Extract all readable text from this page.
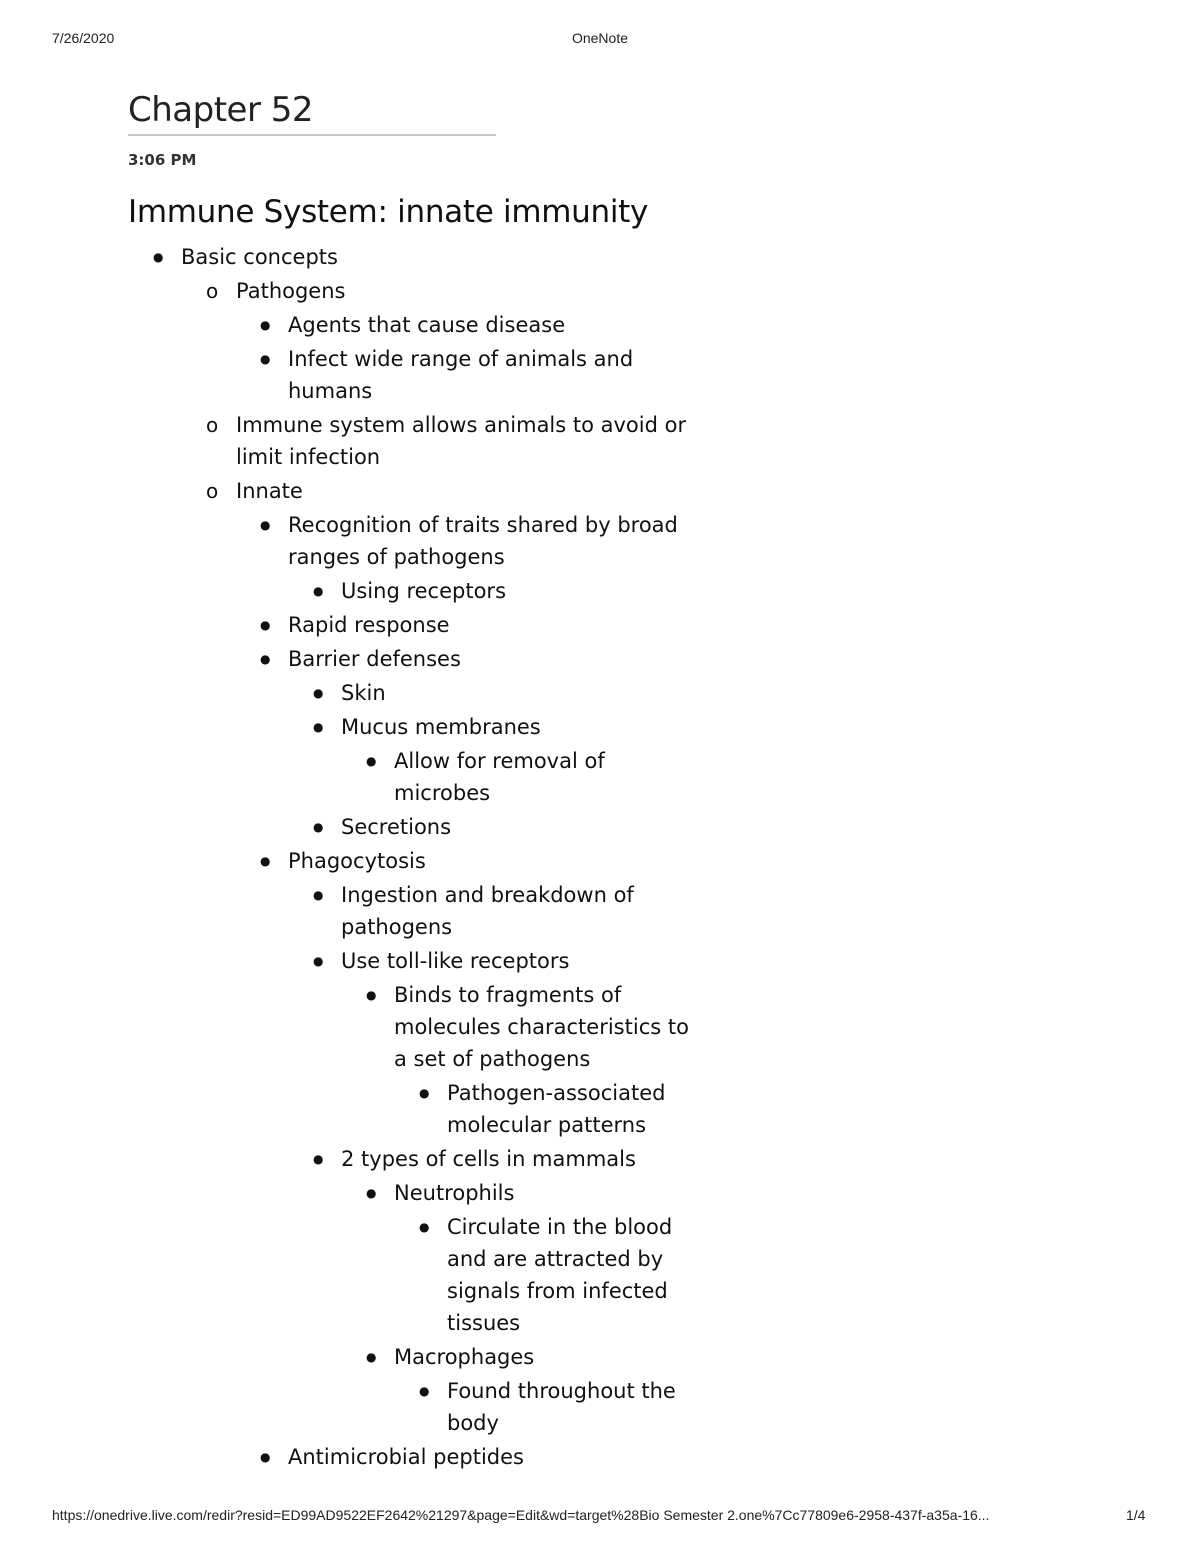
7/26/2020	OneNote
Chapter 52
3:06 PM
Immune System: innate immunity
● Basic concepts
o Pathogens
● Agents that cause disease
● Infect wide range of animals and
humans
o Immune system allows animals to avoid or
limit infection
o Innate
● Recognition of traits shared by broad
ranges of pathogens
● Using receptors
● Rapid response
● Barrier defenses
● Skin
● Mucus membranes
● Allow for removal of
microbes
● Secretions
● Phagocytosis
● Ingestion and breakdown of
pathogens
● Use toll-like receptors
● Binds to fragments of
molecules characteristics to
a set of pathogens
● Pathogen-associated
molecular patterns
● 2 types of cells in mammals
● Neutrophils
● Circulate in the blood
and are attracted by
signals from infected
tissues
● Macrophages
● Found throughout the
body
● Antimicrobial peptides
https://onedrive.live.com/redir?resid=ED99AD9522EF2642%21297&page=Edit&wd=target%28Bio Semester 2.one%7Cc77809e6-2958-437f-a35a-16...	1/4
